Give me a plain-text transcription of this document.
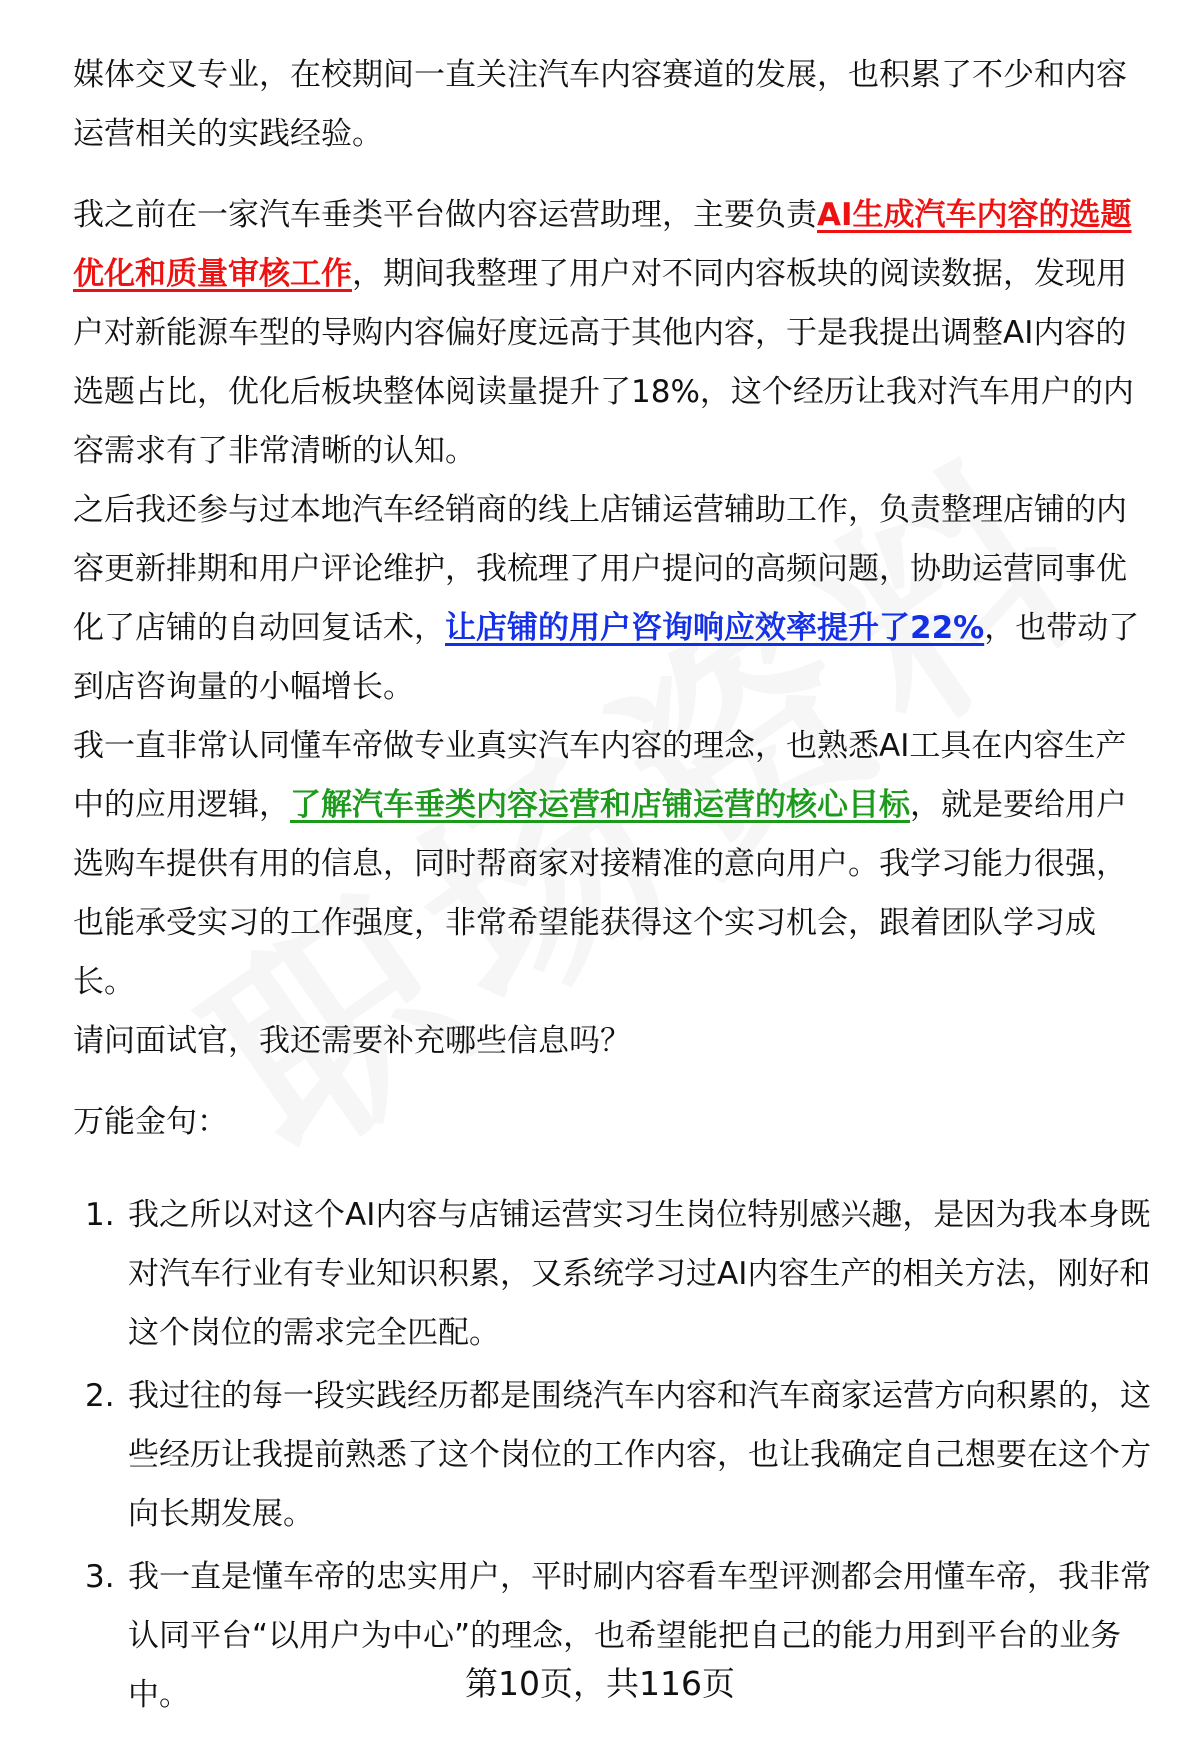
媒体交叉专业，在校期间一直关注汽车内容赛道的发展，也积累了不少和内容运营相关的实践经验。

我之前在一家汽车垂类平台做内容运营助理，主要负责AI生成汽车内容的选题优化和质量审核工作，期间我整理了用户对不同内容板块的阅读数据，发现用户对新能源车型的导购内容偏好度远高于其他内容，于是我提出调整AI内容的选题占比，优化后板块整体阅读量提升了18%，这个经历让我对汽车用户的内容需求有了非常清晰的认知。

之后我还参与过本地汽车经销商的线上店铺运营辅助工作，负责整理店铺的内容更新排期和用户评论维护，我梳理了用户提问的高频问题，协助运营同事优化了店铺的自动回复话术，让店铺的用户咨询响应效率提升了22%，也带动了到店咨询量的小幅增长。

我一直非常认同懂车帝做专业真实汽车内容的理念，也熟悉AI工具在内容生产中的应用逻辑，了解汽车垂类内容运营和店铺运营的核心目标，就是要给用户选购车提供有用的信息，同时帮商家对接精准的意向用户。我学习能力很强，也能承受实习的工作强度，非常希望能获得这个实习机会，跟着团队学习成长。

请问面试官，我还需要补充哪些信息吗？

万能金句：

1. 我之所以对这个AI内容与店铺运营实习生岗位特别感兴趣，是因为我本身既对汽车行业有专业知识积累，又系统学习过AI内容生产的相关方法，刚好和这个岗位的需求完全匹配。
2. 我过往的每一段实践经历都是围绕汽车内容和汽车商家运营方向积累的，这些经历让我提前熟悉了这个岗位的工作内容，也让我确定自己想要在这个方向长期发展。
3. 我一直是懂车帝的忠实用户，平时刷内容看车型评测都会用懂车帝，我非常认同平台“以用户为中心”的理念，也希望能把自己的能力用到平台的业务中。	第10页，共116页
